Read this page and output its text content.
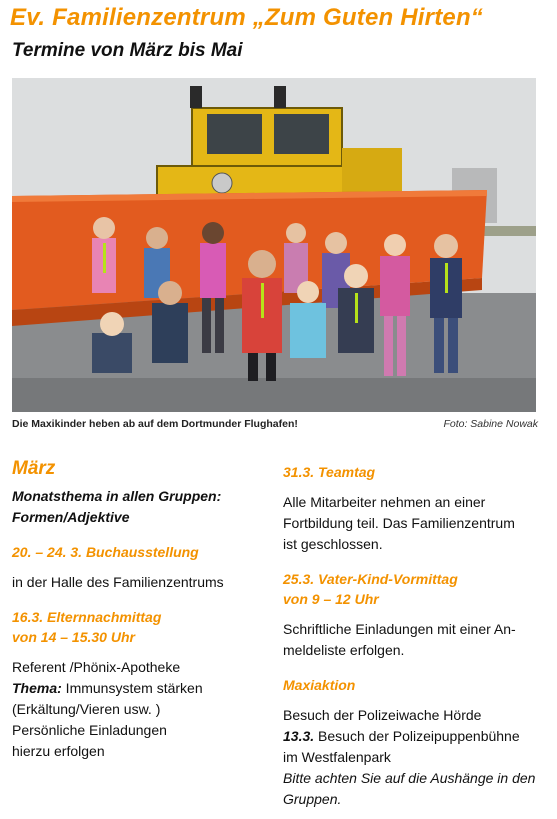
Ev. Familienzentrum „Zum Guten Hirten“
Termine von März bis Mai
Die Maxikinder heben ab auf dem Dortmunder Flughafen!	Foto: Sabine Nowak
März
Monatsthema in allen Gruppen:
Formen/Adjektive
20. – 24. 3. Buchausstellung
in der Halle des Familienzentrums
16.3. Elternnachmittag
von 14 – 15.30 Uhr
Referent /Phönix-Apotheke
Thema: Immunsystem stärken
(Erkältung/Vieren usw. )
Persönliche Einladungen
hierzu erfolgen
31.3. Teamtag
Alle Mitarbeiter nehmen an einer
Fortbildung teil. Das Familienzentrum
ist geschlossen.
25.3. Vater-Kind-Vormittag
von 9 – 12 Uhr
Schriftliche Einladungen mit einer An-
meldeliste erfolgen.
Maxiaktion
Besuch der Polizeiwache Hörde
13.3. Besuch der Polizeipuppenbühne
im Westfalenpark
Bitte achten Sie auf die Aushänge in den
Gruppen.
